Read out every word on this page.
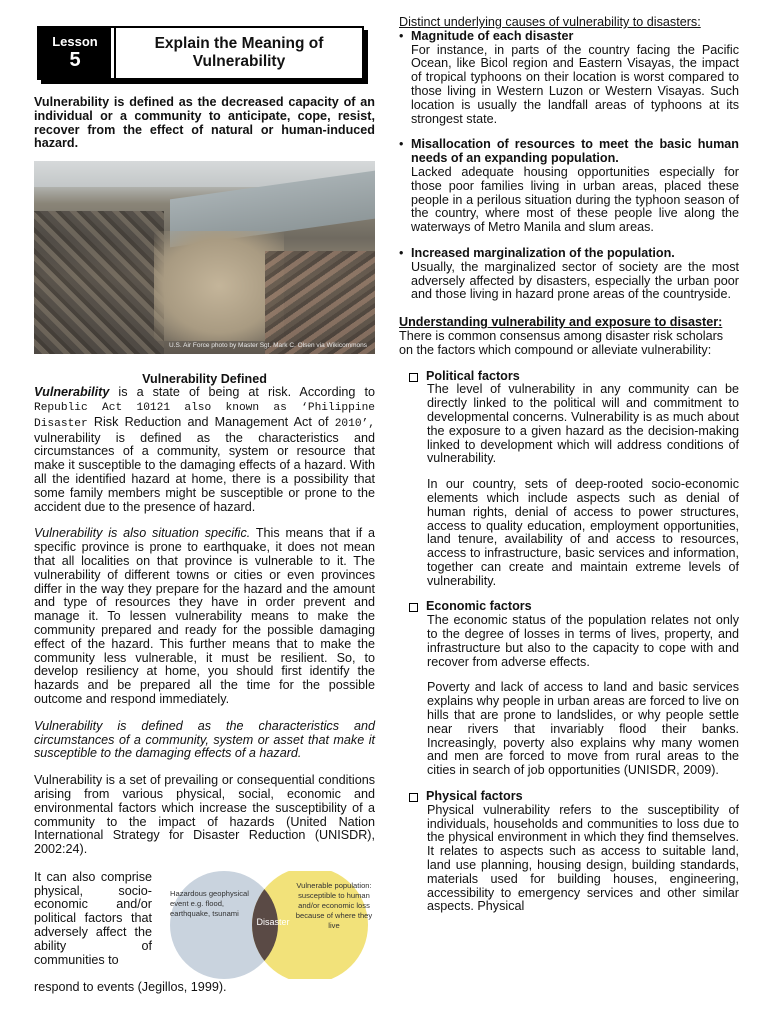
Lesson
5
Explain the Meaning of Vulnerability

Vulnerability is defined as the decreased capacity of an individual or a community to anticipate, cope, resist, recover from the effect of natural or human-induced hazard.

U.S. Air Force photo by Master Sgt. Mark C. Olsen via Wikicommons
Vulnerability Defined

Vulnerability is a state of being at risk. According to Republic Act 10121 also known as ‘Philippine Disaster Risk Reduction and Management Act of 2010’, vulnerability is defined as the characteristics and circumstances of a community, system or resource that make it susceptible to the damaging effects of a hazard. With all the identified hazard at home, there is a possibility that some family members might be susceptible or prone to the accident due to the presence of hazard.

Vulnerability is also situation specific. This means that if a specific province is prone to earthquake, it does not mean that all localities on that province is vulnerable to it. The vulnerability of different towns or cities or even provinces differ in the way they prepare for the hazard and the amount and type of resources they have in order prevent and manage it. To lessen vulnerability means to make the community prepared and ready for the possible damaging effect of the hazard. This further means that to make the community less vulnerable, it must be resilient. So, to develop resiliency at home, you should first identify the hazards and be prepared all the time for the possible outcome and respond immediately.

Vulnerability is defined as the characteristics and circumstances of a community, system or asset that make it susceptible to the damaging effects of a hazard.

Vulnerability is a set of prevailing or consequential conditions arising from various physical, social, economic and environmental factors which increase the susceptibility of a community to the impact of hazards (United Nation International Strategy for Disaster Reduction (UNISDR), 2002:24).

It can also comprise physical, socio-economic and/or political factors that adversely affect the ability of communities to
Hazardous geophysical event e.g. flood, earthquake, tsunami
Disaster
Vulnerable population: susceptible to human and/or economic loss because of where they live
respond to events (Jegillos, 1999).

Distinct underlying causes of vulnerability to disasters:

• Magnitude of each disaster

For instance, in parts of the country facing the Pacific Ocean, like Bicol region and Eastern Visayas, the impact of tropical typhoons on their location is worst compared to those living in Western Luzon or Western Visayas. Such location is usually the landfall areas of typhoons at its strongest state.

• Misallocation of resources to meet the basic human needs of an expanding population.

Lacked adequate housing opportunities especially for those poor families living in urban areas, placed these people in a perilous situation during the typhoon season of the country, where most of these people live along the waterways of Metro Manila and slum areas.

• Increased marginalization of the population.

Usually, the marginalized sector of society are the most adversely affected by disasters, especially the urban poor and those living in hazard prone areas of the countryside.

Understanding vulnerability and exposure to disaster:

There is common consensus among disaster risk scholars on the factors which compound or alleviate vulnerability:

Political factors

The level of vulnerability in any community can be directly linked to the political will and commitment to developmental concerns. Vulnerability is as much about the exposure to a given hazard as the decision-making linked to development which will address conditions of vulnerability.

In our country, sets of deep-rooted socio-economic elements which include aspects such as denial of human rights, denial of access to power structures, access to quality education, employment opportunities, land tenure, availability of and access to resources, access to infrastructure, basic services and information, together can create and maintain extreme levels of vulnerability.

Economic factors

The economic status of the population relates not only to the degree of losses in terms of lives, property, and infrastructure but also to the capacity to cope with and recover from adverse effects.

Poverty and lack of access to land and basic services explains why people in urban areas are forced to live on hills that are prone to landslides, or why people settle near rivers that invariably flood their banks. Increasingly, poverty also explains why many women and men are forced to move from rural areas to the cities in search of job opportunities (UNISDR, 2009).

Physical factors

Physical vulnerability refers to the susceptibility of individuals, households and communities to loss due to the physical environment in which they find themselves. It relates to aspects such as access to suitable land, land use planning, housing design, building standards, materials used for building houses, engineering, accessibility to emergency services and other similar aspects. Physical
